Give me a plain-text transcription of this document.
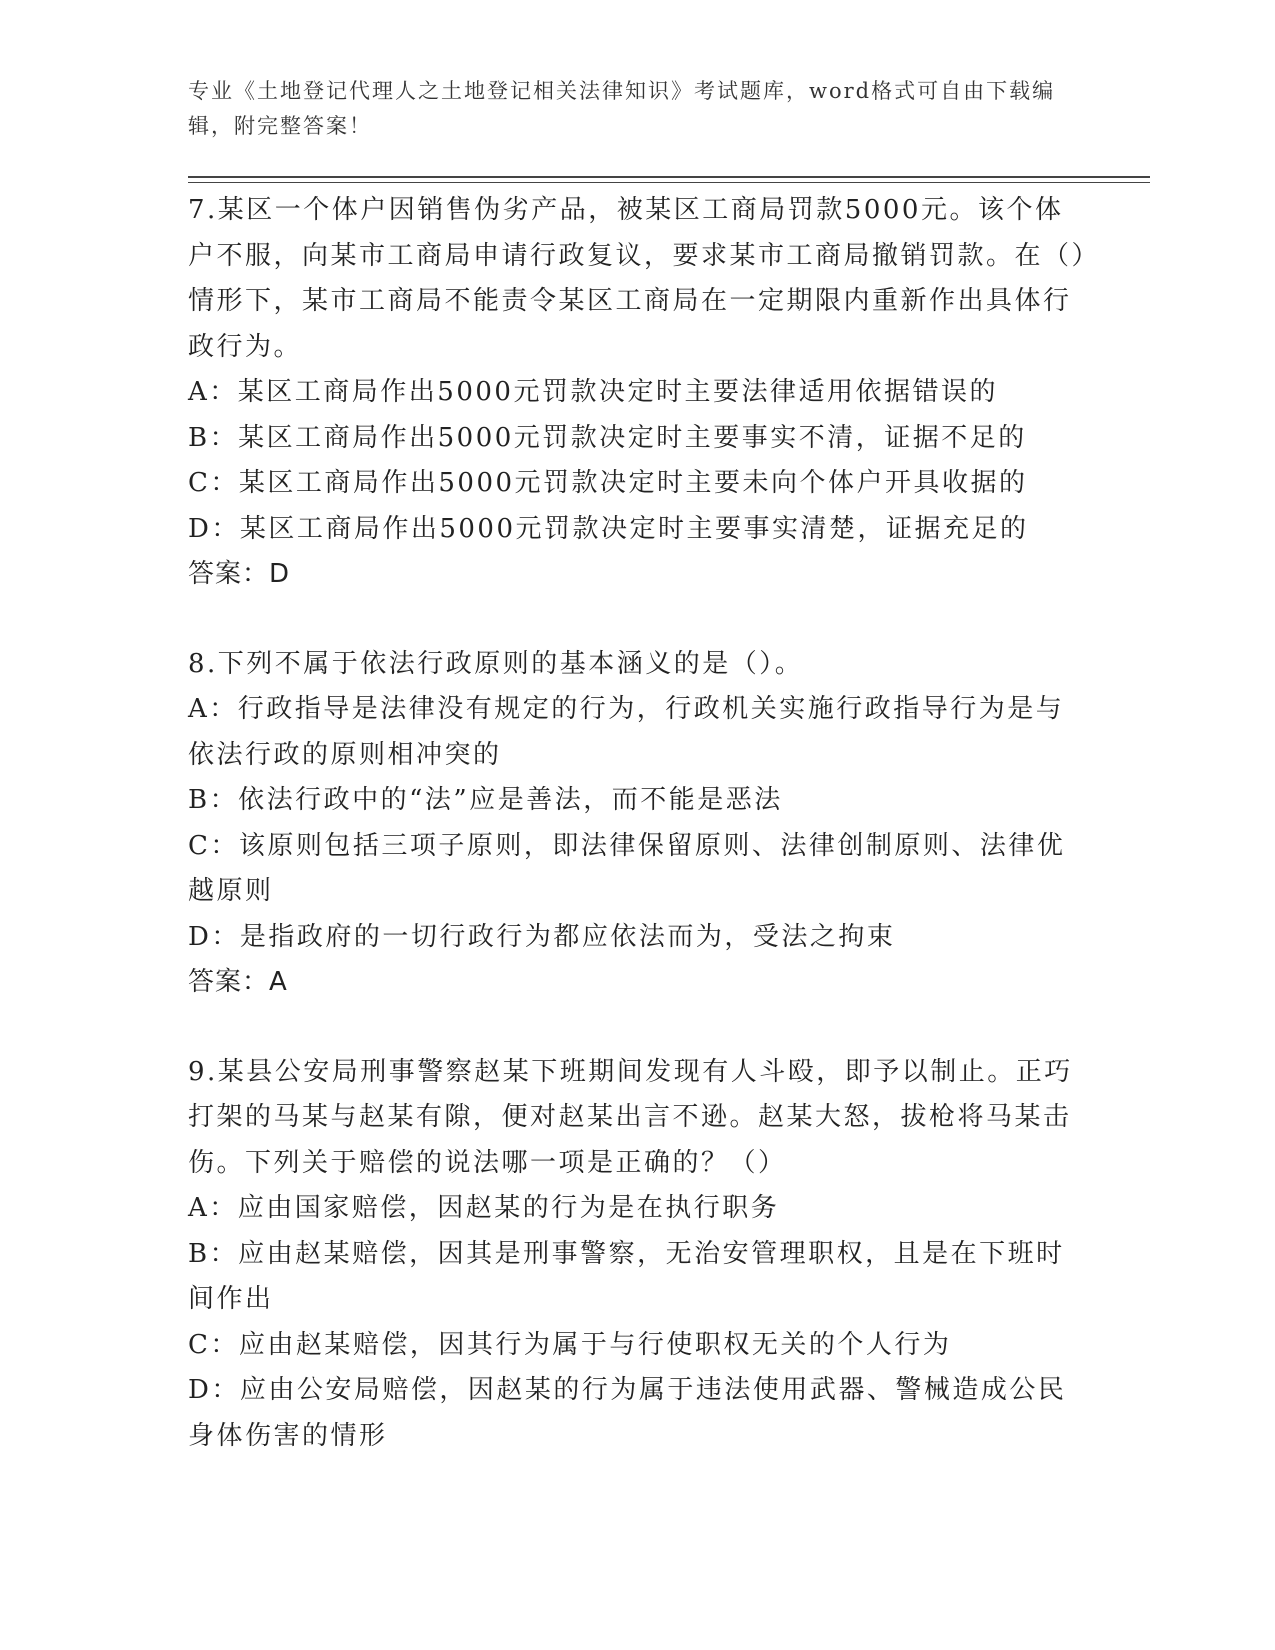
专业《土地登记代理人之土地登记相关法律知识》考试题库，word格式可自由下载编辑，附完整答案！

7.某区一个体户因销售伪劣产品，被某区工商局罚款5000元。该个体户不服，向某市工商局申请行政复议，要求某市工商局撤销罚款。在（）情形下，某市工商局不能责令某区工商局在一定期限内重新作出具体行政行为。

A：某区工商局作出5000元罚款决定时主要法律适用依据错误的

B：某区工商局作出5000元罚款决定时主要事实不清，证据不足的

C：某区工商局作出5000元罚款决定时主要未向个体户开具收据的

D：某区工商局作出5000元罚款决定时主要事实清楚，证据充足的

答案：D

8.下列不属于依法行政原则的基本涵义的是（）。

A：行政指导是法律没有规定的行为，行政机关实施行政指导行为是与依法行政的原则相冲突的

B：依法行政中的“法”应是善法，而不能是恶法

C：该原则包括三项子原则，即法律保留原则、法律创制原则、法律优越原则

D：是指政府的一切行政行为都应依法而为，受法之拘束

答案：A

9.某县公安局刑事警察赵某下班期间发现有人斗殴，即予以制止。正巧打架的马某与赵某有隙，便对赵某出言不逊。赵某大怒，拔枪将马某击伤。下列关于赔偿的说法哪一项是正确的？（）

A：应由国家赔偿，因赵某的行为是在执行职务

B：应由赵某赔偿，因其是刑事警察，无治安管理职权，且是在下班时间作出

C：应由赵某赔偿，因其行为属于与行使职权无关的个人行为

D：应由公安局赔偿，因赵某的行为属于违法使用武器、警械造成公民身体伤害的情形
